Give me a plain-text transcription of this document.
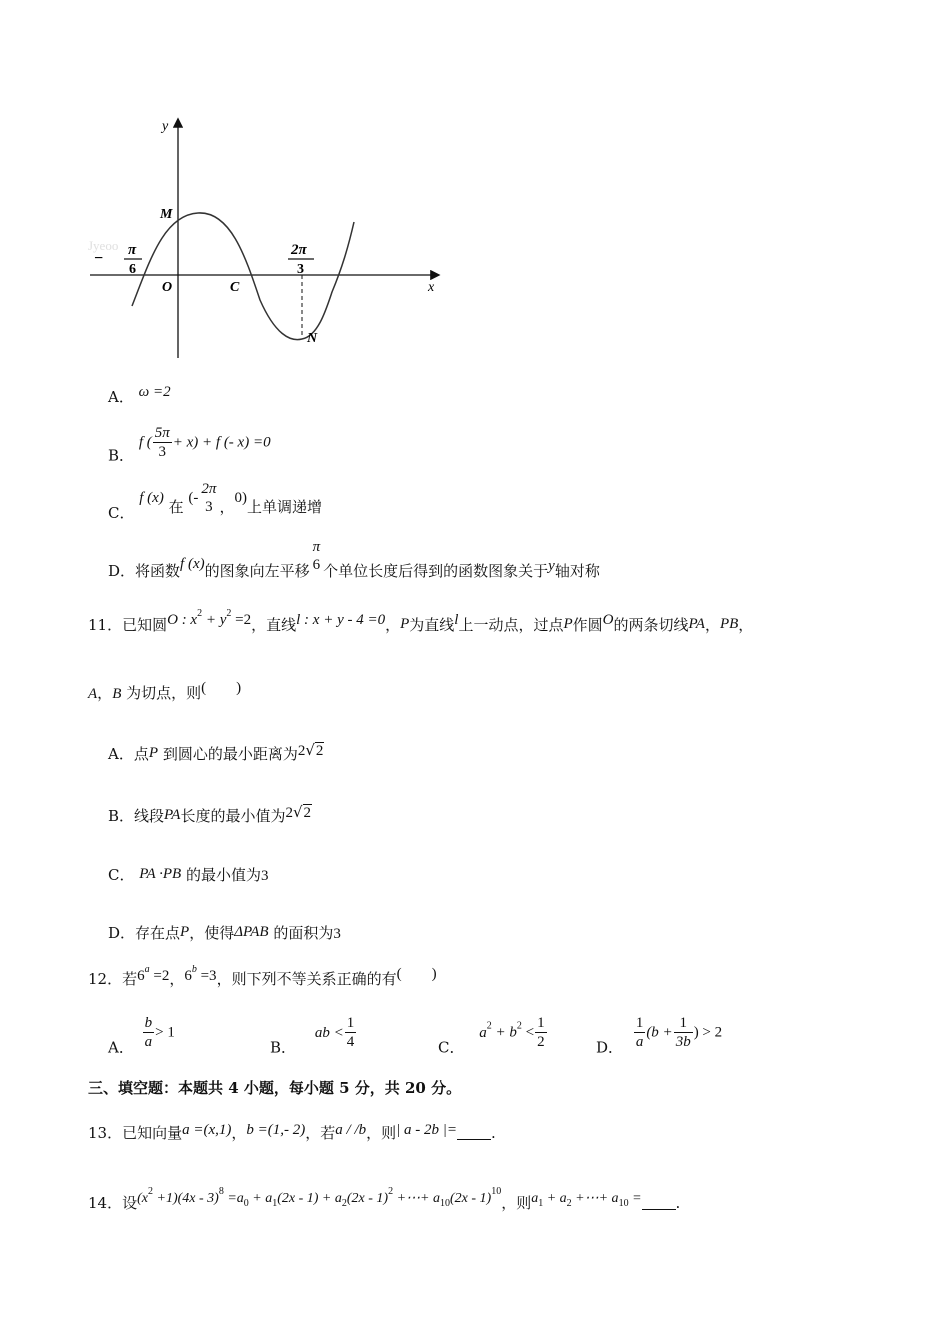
Jyeoo
y
x
M
O	C
N
− π
6
2π
3
A． ω =2
B． f ( $\frac{5\pi}{3} + x) + f$ (- x) =0
C． f (x) 在 (-
2π
3 ，0)上单调递增
D．将函数f (x)的图象向左平移
π
6 个单位长度后得到的函数图象关于y轴对称
11．已知圆O : $x^2 + y^2 =2$，直线l : x + y - 4 =0，P为直线l上一动点，过点P作圆O的两条切线PA，PB，
A，B 为切点，则(　　)
A．点P 到圆心的最小距离为2√2
B．线段PA长度的最小值为2√2
C． PA ·PB 的最小值为3
D．存在点P，使得ΔPAB 的面积为3
12．若$6^a =2$，$6^b =3$，则下列不等关系正确的有(　　)
A． $\frac{b}{a} > 1$
B． ab < $\frac{1}{4}$	C． $a^2 + b^2 < \frac{1}{2}$	D． $\frac{1}{a} (b + \frac{1}{3b}$ ) > 2
三、填空题：本题共 4 小题，每小题 5 分，共 20 分。
13．已知向量a =(x,1)，b =(1,- 2)，若a / /b，则| a - 2b |= .
14．设$(x^2 +1)(4x - 3)^8 =a^0 + a^1(2x - 1) + a^2(2x - 1)^2$ +⋯+ $a^{10}(2x - 1)^{10}$，则$a^1 + a^2$ +⋯+ $a^{10}$ = .
